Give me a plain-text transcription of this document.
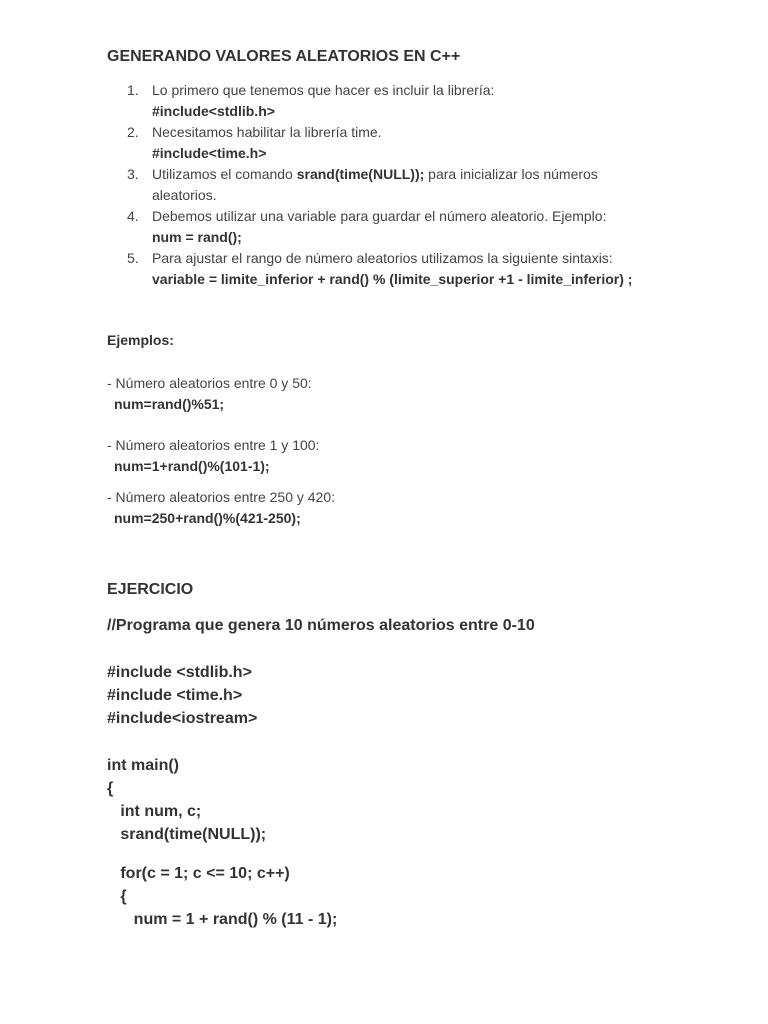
GENERANDO VALORES ALEATORIOS EN C++
1. Lo primero que tenemos que hacer es incluir la librería:
#include<stdlib.h>
2. Necesitamos habilitar la librería time.
#include<time.h>
3. Utilizamos el comando srand(time(NULL)); para inicializar los números aleatorios.
4. Debemos utilizar una variable para guardar el número aleatorio. Ejemplo:
num = rand();
5. Para ajustar el rango de número aleatorios utilizamos la siguiente sintaxis:
variable = limite_inferior + rand() % (limite_superior +1 - limite_inferior) ;
Ejemplos:
- Número aleatorios entre 0 y 50:
num=rand()%51;
- Número aleatorios entre 1 y 100:
num=1+rand()%(101-1);
- Número aleatorios entre 250 y 420:
num=250+rand()%(421-250);
EJERCICIO
//Programa que genera 10 números aleatorios entre 0-10
#include <stdlib.h>
#include <time.h>
#include<iostream>
int main()
{
int num, c;
srand(time(NULL));
for(c = 1; c <= 10; c++)
{
num = 1 + rand() % (11 - 1);
